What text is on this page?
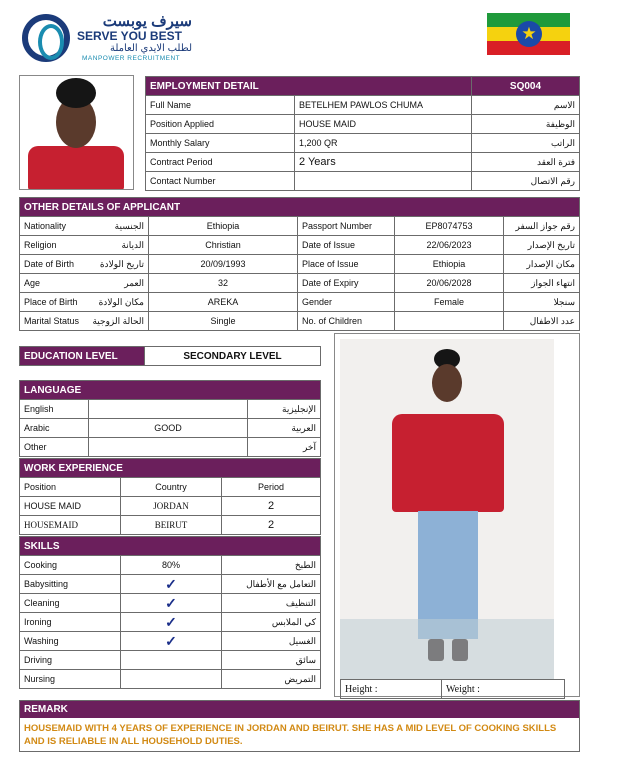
سيرف يوبست
SERVE YOU BEST
لطلب الايدي العاملة
MANPOWER RECRUITMENT
★
EMPLOYMENT DETAIL		SQ004
Full Name	BETELHEM PAWLOS CHUMA	الاسم
Position Applied	HOUSE MAID	الوظيفة
Monthly Salary	1,200 QR	الراتب
Contract Period	2 Years	فترة العقد
Contact Number		رقم الاتصال
OTHER DETAILS OF APPLICANT					
Nationality	الجنسية	Ethiopia	Passport Number	EP8074753	رقم جواز السفر
Religion	الديانة	Christian	Date of Issue	22/06/2023	تاريخ الإصدار
Date of Birth	تاريخ الولادة	20/09/1993	Place of Issue	Ethiopia	مكان الإصدار
Age	العمر	32	Date of Expiry	20/06/2028	انتهاء الجواز
Place of Birth	مكان الولادة	AREKA	Gender	Female	سنجلا
Marital Status	الحالة الزوجية	Single	No. of Children		عدد الاطفال
EDUCATION LEVEL	SECONDARY LEVEL
LANGUAGE		
English		الإنجليزية
Arabic	GOOD	العربية
Other		آخر
WORK EXPERIENCE		
Position	Country	Period
HOUSE MAID	JORDAN	2
HOUSEMAID	BEIRUT	2
SKILLS		
Cooking	80%	الطبخ
Babysitting	✓	التعامل مع الأطفال
Cleaning	✓	التنظيف
Ironing	✓	كي الملابس
Washing	✓	الغسيل
Driving		سائق
Nursing		التمريض
Height :		Weight :	
REMARK
HOUSEMAID WITH 4 YEARS OF EXPERIENCE IN JORDAN AND BEIRUT. SHE HAS A MID LEVEL OF COOKING SKILLS AND IS RELIABLE IN ALL HOUSEHOLD DUTIES.
